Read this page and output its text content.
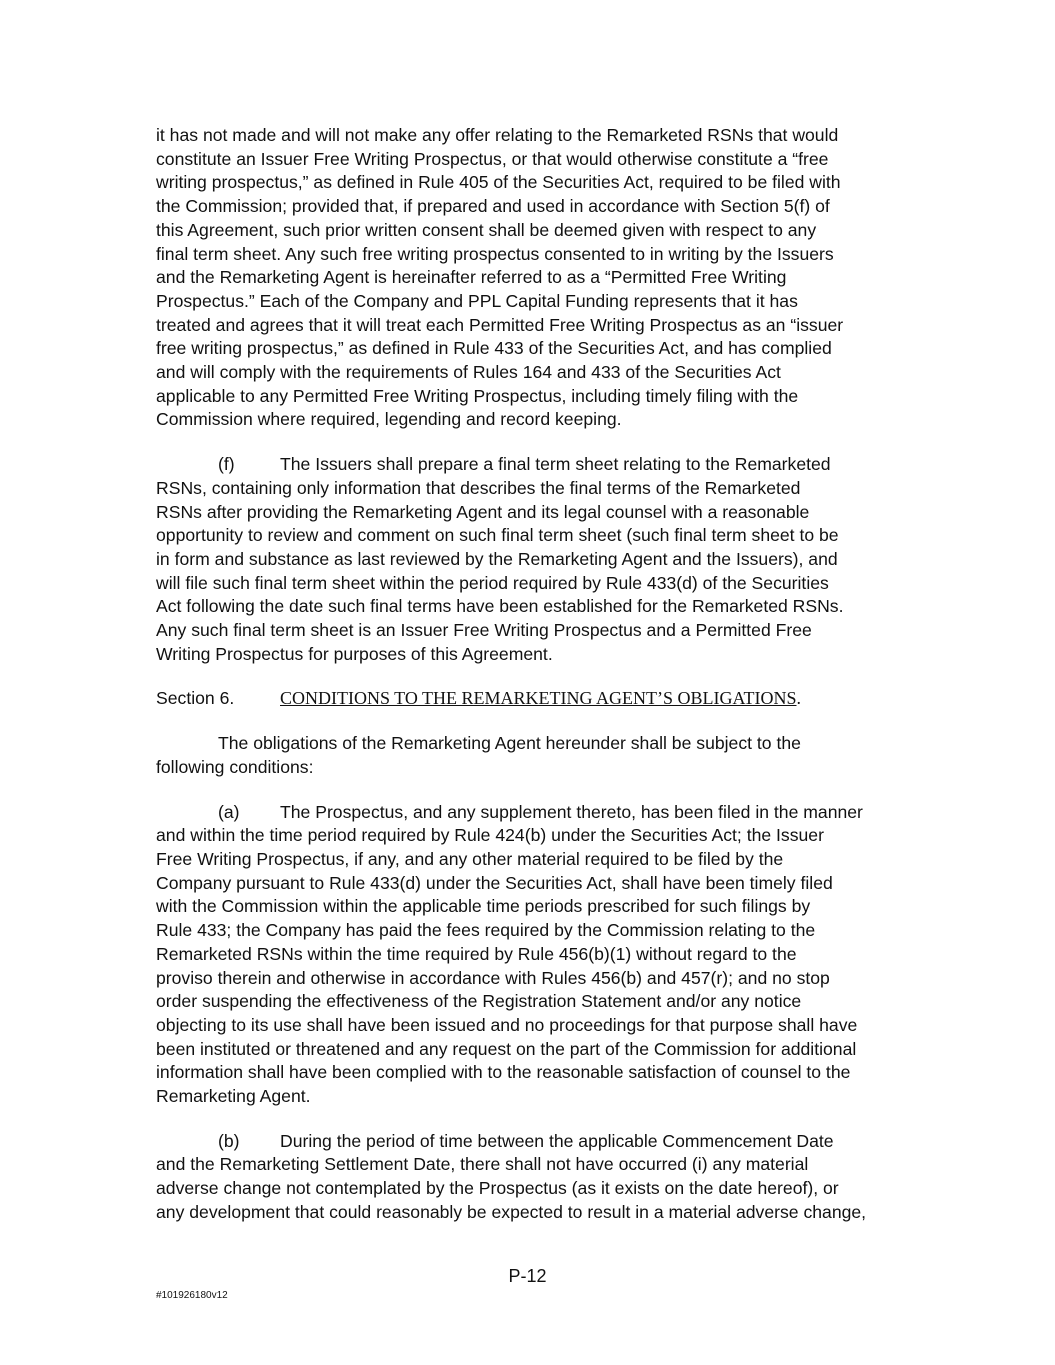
it has not made and will not make any offer relating to the Remarketed RSNs that would
constitute an Issuer Free Writing Prospectus, or that would otherwise constitute a “free
writing prospectus,” as defined in Rule 405 of the Securities Act, required to be filed with
the Commission; provided that, if prepared and used in accordance with Section 5(f) of
this Agreement, such prior written consent shall be deemed given with respect to any
final term sheet. Any such free writing prospectus consented to in writing by the Issuers
and the Remarketing Agent is hereinafter referred to as a “Permitted Free Writing
Prospectus.” Each of the Company and PPL Capital Funding represents that it has
treated and agrees that it will treat each Permitted Free Writing Prospectus as an “issuer
free writing prospectus,” as defined in Rule 433 of the Securities Act, and has complied
and will comply with the requirements of Rules 164 and 433 of the Securities Act
applicable to any Permitted Free Writing Prospectus, including timely filing with the
Commission where required, legending and record keeping.
(f)	The Issuers shall prepare a final term sheet relating to the Remarketed
RSNs, containing only information that describes the final terms of the Remarketed
RSNs after providing the Remarketing Agent and its legal counsel with a reasonable
opportunity to review and comment on such final term sheet (such final term sheet to be
in form and substance as last reviewed by the Remarketing Agent and the Issuers), and
will file such final term sheet within the period required by Rule 433(d) of the Securities
Act following the date such final terms have been established for the Remarketed RSNs.
Any such final term sheet is an Issuer Free Writing Prospectus and a Permitted Free
Writing Prospectus for purposes of this Agreement.
Section 6.	CONDITIONS TO THE REMARKETING AGENT’S OBLIGATIONS.
The obligations of the Remarketing Agent hereunder shall be subject to the
following conditions:
(a) The Prospectus, and any supplement thereto, has been filed in the manner
and within the time period required by Rule 424(b) under the Securities Act; the Issuer
Free Writing Prospectus, if any, and any other material required to be filed by the
Company pursuant to Rule 433(d) under the Securities Act, shall have been timely filed
with the Commission within the applicable time periods prescribed for such filings by
Rule 433; the Company has paid the fees required by the Commission relating to the
Remarketed RSNs within the time required by Rule 456(b)(1) without regard to the
proviso therein and otherwise in accordance with Rules 456(b) and 457(r); and no stop
order suspending the effectiveness of the Registration Statement and/or any notice
objecting to its use shall have been issued and no proceedings for that purpose shall have
been instituted or threatened and any request on the part of the Commission for additional
information shall have been complied with to the reasonable satisfaction of counsel to the
Remarketing Agent.
(b) During the period of time between the applicable Commencement Date
and the Remarketing Settlement Date, there shall not have occurred (i) any material
adverse change not contemplated by the Prospectus (as it exists on the date hereof), or
any development that could reasonably be expected to result in a material adverse change,
P-12
#101926180v12
